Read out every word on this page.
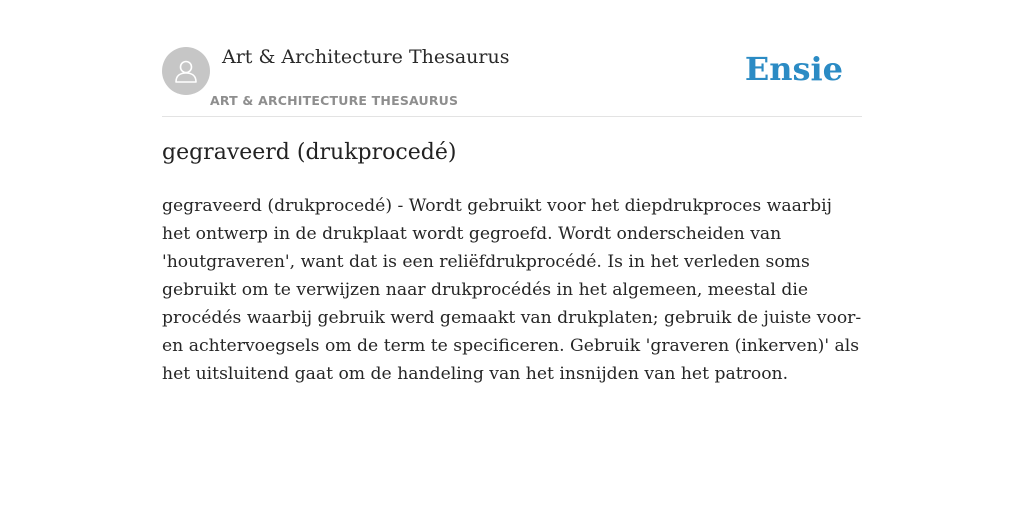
Art & Architecture Thesaurus
ART & ARCHITECTURE THESAURUS
Ensie
gegraveerd (drukprocedé)

gegraveerd (drukprocedé) - Wordt gebruikt voor het diepdrukproces waarbij het ontwerp in de drukplaat wordt gegroefd. Wordt onderscheiden van 'houtgraveren', want dat is een reliëfdrukprocédé. Is in het verleden soms gebruikt om te verwijzen naar drukprocédés in het algemeen, meestal die procédés waarbij gebruik werd gemaakt van drukplaten; gebruik de juiste voor- en achtervoegsels om de term te specificeren. Gebruik 'graveren (inkerven)' als het uitsluitend gaat om de handeling van het insnijden van het patroon.
